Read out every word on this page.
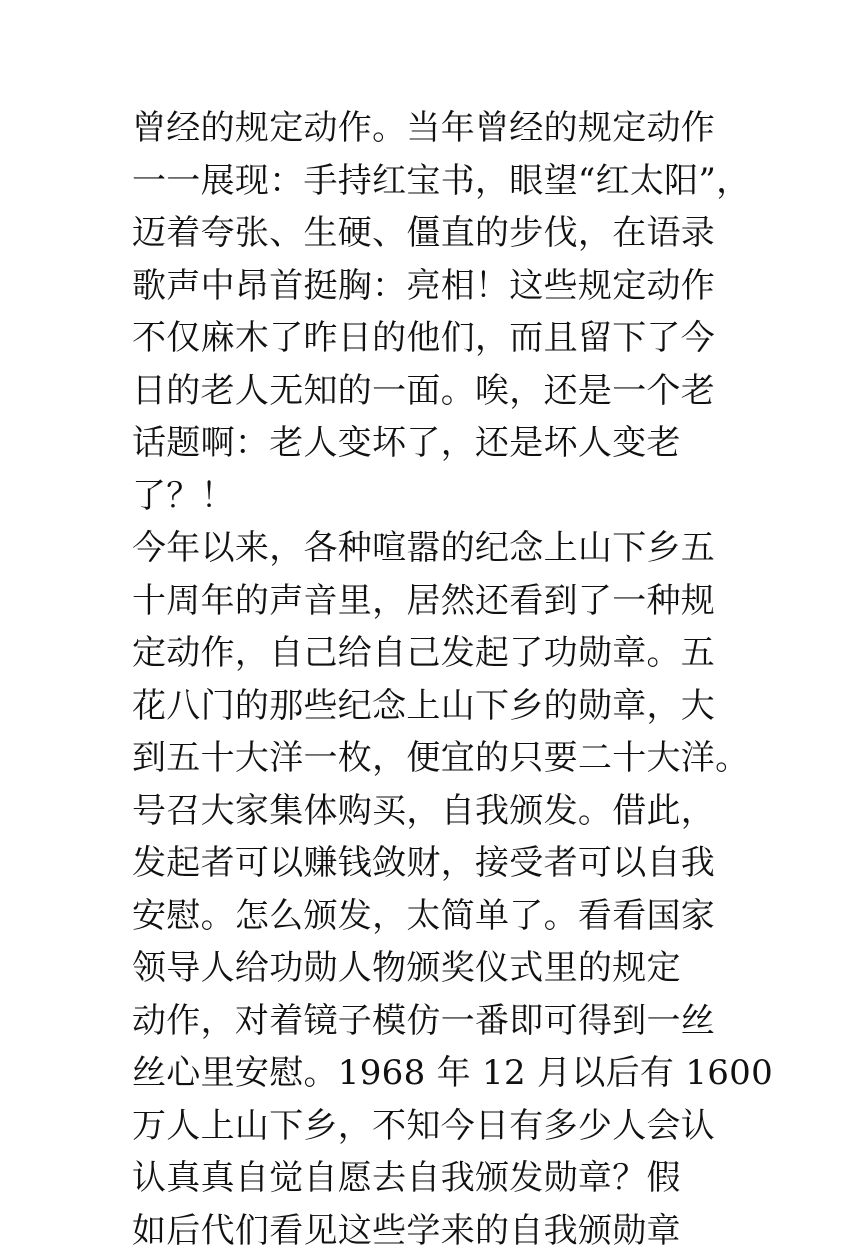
曾经的规定动作。当年曾经的规定动作
一一展现：手持红宝书，眼望“红太阳”，
迈着夸张、生硬、僵直的步伐，在语录
歌声中昂首挺胸：亮相！这些规定动作
不仅麻木了昨日的他们，而且留下了今
日的老人无知的一面。唉，还是一个老
话题啊：老人变坏了，还是坏人变老
了？！
今年以来，各种喧嚣的纪念上山下乡五
十周年的声音里，居然还看到了一种规
定动作，自己给自己发起了功勋章。五
花八门的那些纪念上山下乡的勋章，大
到五十大洋一枚，便宜的只要二十大洋。
号召大家集体购买，自我颁发。借此，
发起者可以赚钱敛财，接受者可以自我
安慰。怎么颁发，太简单了。看看国家
领导人给功勋人物颁奖仪式里的规定
动作，对着镜子模仿一番即可得到一丝
丝心里安慰。1968 年 12 月以后有 1600
万人上山下乡，不知今日有多少人会认
认真真自觉自愿去自我颁发勋章？假
如后代们看见这些学来的自我颁勋章
